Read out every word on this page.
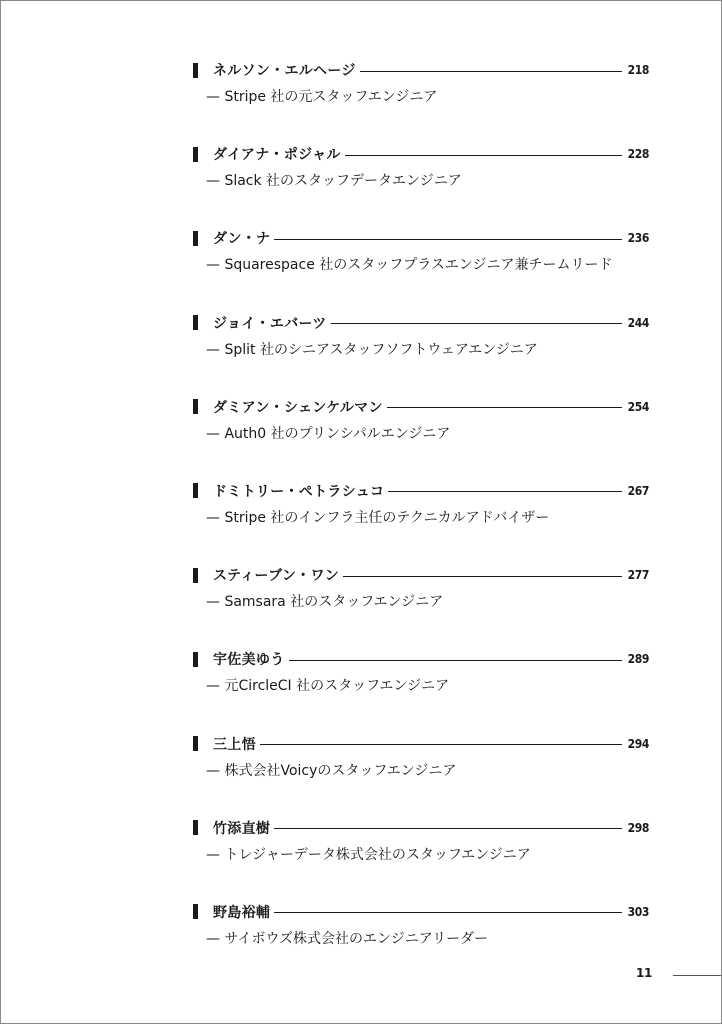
ネルソン・エルヘージ	218
— Stripe 社の元スタッフエンジニア
ダイアナ・ポジャル	228
— Slack 社のスタッフデータエンジニア
ダン・ナ	236
— Squarespace 社のスタッフプラスエンジニア兼チームリード
ジョイ・エバーツ	244
— Split 社のシニアスタッフソフトウェアエンジニア
ダミアン・シェンケルマン	254
— Auth0 社のプリンシパルエンジニア
ドミトリー・ペトラシュコ	267
— Stripe 社のインフラ主任のテクニカルアドバイザー
スティーブン・ワン	277
— Samsara 社のスタッフエンジニア
宇佐美ゆう	289
— 元CircleCI 社のスタッフエンジニア
三上悟	294
— 株式会社Voicyのスタッフエンジニア
竹添直樹	298
— トレジャーデータ株式会社のスタッフエンジニア
野島裕輔	303
— サイボウズ株式会社のエンジニアリーダー
11
